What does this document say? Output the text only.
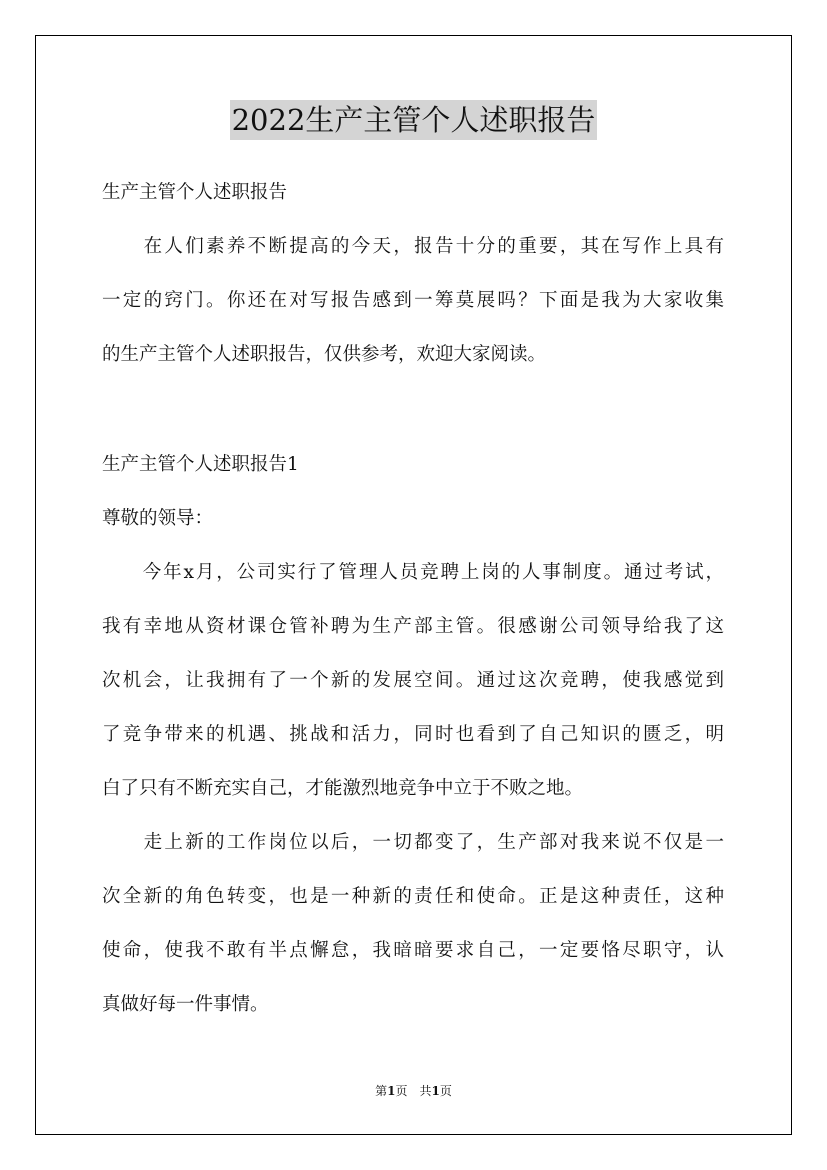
2022生产主管个人述职报告
生产主管个人述职报告
　　在人们素养不断提高的今天，报告十分的重要，其在写作上具有
一定的窍门。你还在对写报告感到一筹莫展吗？下面是我为大家收集
的生产主管个人述职报告，仅供参考，欢迎大家阅读。
生产主管个人述职报告1
尊敬的领导：
　　今年x月，公司实行了管理人员竞聘上岗的人事制度。通过考试，
我有幸地从资材课仓管补聘为生产部主管。很感谢公司领导给我了这
次机会，让我拥有了一个新的发展空间。通过这次竞聘，使我感觉到
了竞争带来的机遇、挑战和活力，同时也看到了自己知识的匮乏，明
白了只有不断充实自己，才能激烈地竞争中立于不败之地。
　　走上新的工作岗位以后，一切都变了，生产部对我来说不仅是一
次全新的角色转变，也是一种新的责任和使命。正是这种责任，这种
使命，使我不敢有半点懈怠，我暗暗要求自己，一定要恪尽职守，认
真做好每一件事情。
第1页　共1页
